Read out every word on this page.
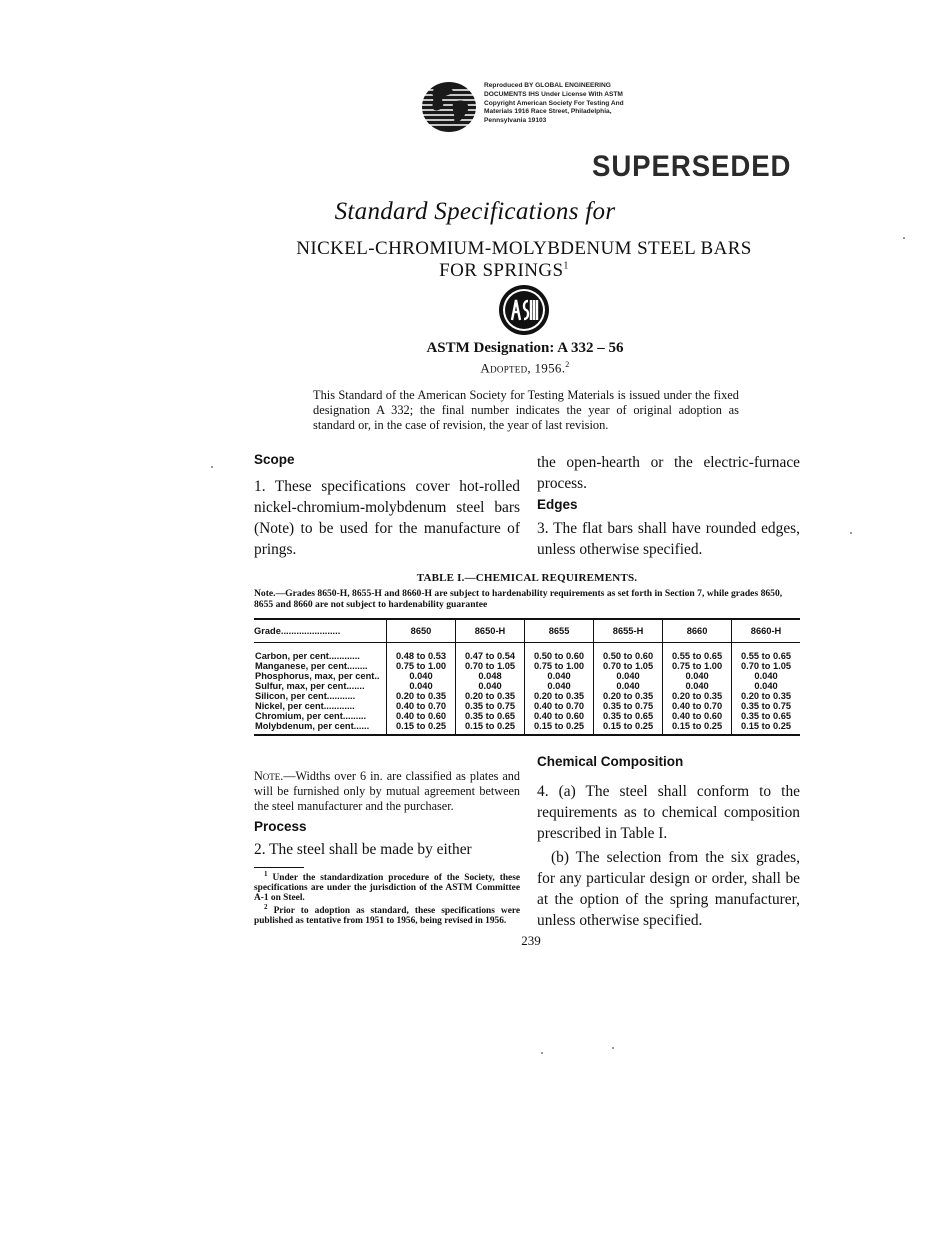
Reproduced BY GLOBAL ENGINEERING
DOCUMENTS IHS Under License With ASTM
Copyright American Society For Testing And
Materials 1916 Race Street, Philadelphia,
Pennsylvania 19103
SUPERSEDED
Standard Specifications for
NICKEL-CHROMIUM-MOLYBDENUM STEEL BARS
FOR SPRINGS$^1$
ASTM Designation: A 332 – 56
Adopted, 1956.$^2$
This Standard of the American Society for Testing Materials is issued under the fixed designation A 332; the final number indicates the year of original adoption as standard or, in the case of revision, the year of last revision.
Scope

1. These specifications cover hot-rolled nickel-chromium-molybdenum steel bars (Note) to be used for the manufacture of prings.

the open-hearth or the electric-furnace process.

Edges

3. The flat bars shall have rounded edges, unless otherwise specified.

TABLE I.—CHEMICAL REQUIREMENTS.
Note.—Grades 8650-H, 8655-H and 8660-H are subject to hardenability requirements as set forth in Section 7, while grades 8650, 8655 and 8660 are not subject to hardenability guarantee
Grade.......................	8650	8650-H	8655	8655-H	8660	8660-H
Carbon, per cent............	0.48 to 0.53	0.47 to 0.54	0.50 to 0.60	0.50 to 0.60	0.55 to 0.65	0.55 to 0.65
Manganese, per cent........	0.75 to 1.00	0.70 to 1.05	0.75 to 1.00	0.70 to 1.05	0.75 to 1.00	0.70 to 1.05
Phosphorus, max, per cent..	0.040	0.048	0.040	0.040	0.040	0.040
Sulfur, max, per cent.......	0.040	0.040	0.040	0.040	0.040	0.040
Silicon, per cent...........	0.20 to 0.35	0.20 to 0.35	0.20 to 0.35	0.20 to 0.35	0.20 to 0.35	0.20 to 0.35
Nickel, per cent............	0.40 to 0.70	0.35 to 0.75	0.40 to 0.70	0.35 to 0.75	0.40 to 0.70	0.35 to 0.75
Chromium, per cent.........	0.40 to 0.60	0.35 to 0.65	0.40 to 0.60	0.35 to 0.65	0.40 to 0.60	0.35 to 0.65
Molybdenum, per cent......	0.15 to 0.25	0.15 to 0.25	0.15 to 0.25	0.15 to 0.25	0.15 to 0.25	0.15 to 0.25
Note.—Widths over 6 in. are classified as plates and will be furnished only by mutual agreement between the steel manufacturer and the purchaser.
Process

2. The steel shall be made by either

$^1$ Under the standardization procedure of the Society, these specifications are under the jurisdiction of the ASTM Committee A-1 on Steel.

$^2$ Prior to adoption as standard, these specifications were published as tentative from 1951 to 1956, being revised in 1956.

Chemical Composition

4. (a) The steel shall conform to the requirements as to chemical composition prescribed in Table I.

(b) The selection from the six grades, for any particular design or order, shall be at the option of the spring manufacturer, unless otherwise specified.

239
